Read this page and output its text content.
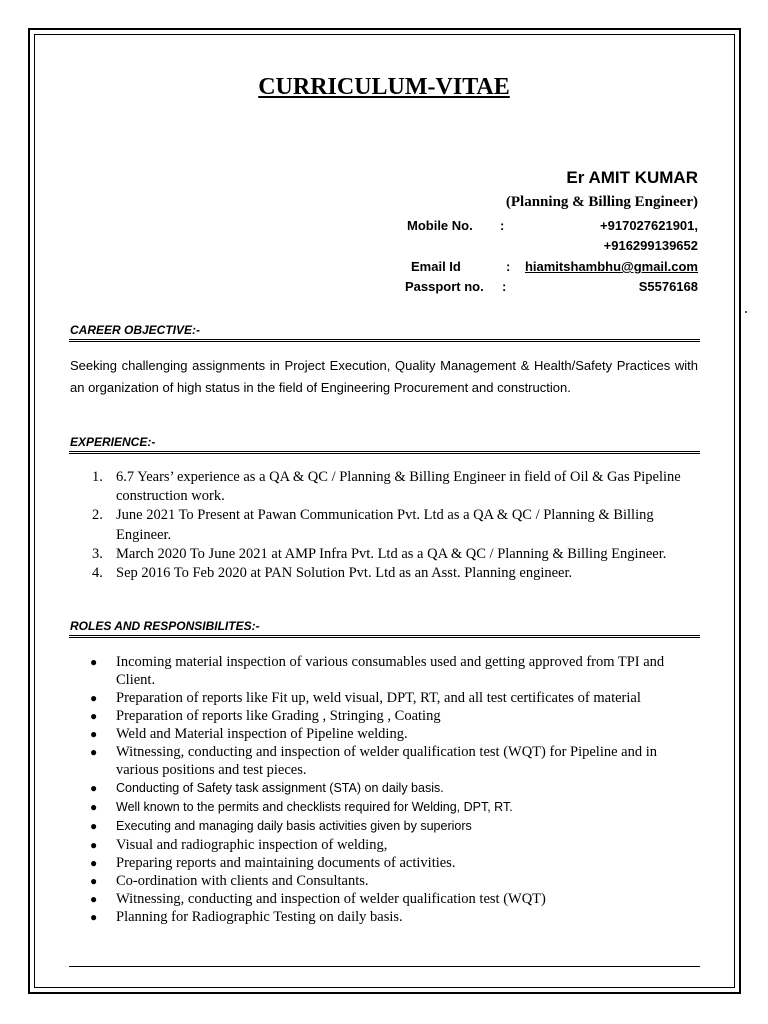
CURRICULUM-VITAE
Er AMIT KUMAR
(Planning & Billing Engineer)
Mobile No. :	+917027621901,
+916299139652
Email Id	: hiamitshambhu@gmail.com
Passport no. :	S5576168
CAREER OBJECTIVE:-
Seeking challenging assignments in Project Execution, Quality Management & Health/Safety Practices with an organization of high status in the field of Engineering Procurement and construction.
EXPERIENCE:-
1. 6.7 Years’ experience as a QA & QC / Planning & Billing Engineer in field of Oil & Gas Pipeline construction work.
2. June 2021 To Present at Pawan Communication Pvt. Ltd as a QA & QC / Planning & Billing Engineer.
3. March 2020 To June 2021 at AMP Infra Pvt. Ltd as a QA & QC / Planning & Billing Engineer.
4. Sep 2016 To Feb 2020 at PAN Solution Pvt. Ltd as an Asst. Planning engineer.
ROLES AND RESPONSIBILITES:-
● Incoming material inspection of various consumables used and getting approved from TPI and Client.
● Preparation of reports like Fit up, weld visual, DPT, RT, and all test certificates of material
● Preparation of reports like Grading , Stringing , Coating
● Weld and Material inspection of Pipeline welding.
● Witnessing, conducting and inspection of welder qualification test (WQT) for Pipeline and in various positions and test pieces.
● Conducting of Safety task assignment (STA) on daily basis.
● Well known to the permits and checklists required for Welding, DPT, RT.
● Executing and managing daily basis activities given by superiors
● Visual and radiographic inspection of welding,
● Preparing reports and maintaining documents of activities.
● Co-ordination with clients and Consultants.
● Witnessing, conducting and inspection of welder qualification test (WQT)
● Planning for Radiographic Testing on daily basis.
